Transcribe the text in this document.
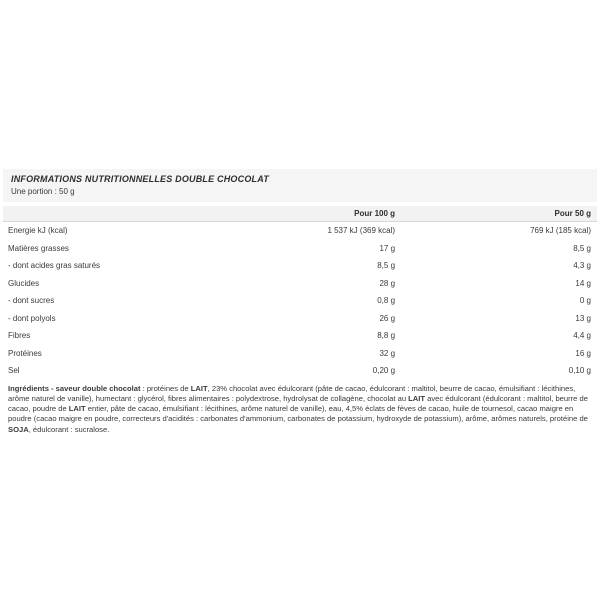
INFORMATIONS NUTRITIONNELLES DOUBLE CHOCOLAT
Une portion : 50 g
	Pour 100 g	Pour 50 g
Energie kJ (kcal)	1 537 kJ (369 kcal)	769 kJ (185 kcal)
Matières grasses	17 g	8,5 g
- dont acides gras saturés	8,5 g	4,3 g
Glucides	28 g	14 g
- dont sucres	0,8 g	0 g
- dont polyols	26 g	13 g
Fibres	8,8 g	4,4 g
Protéines	32 g	16 g
Sel	0,20 g	0,10 g

Ingrédients - saveur double chocolat : protéines de LAIT, 23% chocolat avec édulcorant (pâte de cacao, édulcorant : maltitol, beurre de cacao, émulsifiant : lécithines, arôme naturel de vanille), humectant : glycérol, fibres alimentaires : polydextrose, hydrolysat de collagène, chocolat au LAIT avec édulcorant (édulcorant : maltitol, beurre de cacao, poudre de LAIT entier, pâte de cacao, émulsifiant : lécithines, arôme naturel de vanille), eau, 4,5% éclats de fèves de cacao, huile de tournesol, cacao maigre en poudre (cacao maigre en poudre, correcteurs d'acidités : carbonates d'ammonium, carbonates de potassium, hydroxyde de potassium), arôme, arômes naturels, protéine de SOJA, édulcorant : sucralose.
